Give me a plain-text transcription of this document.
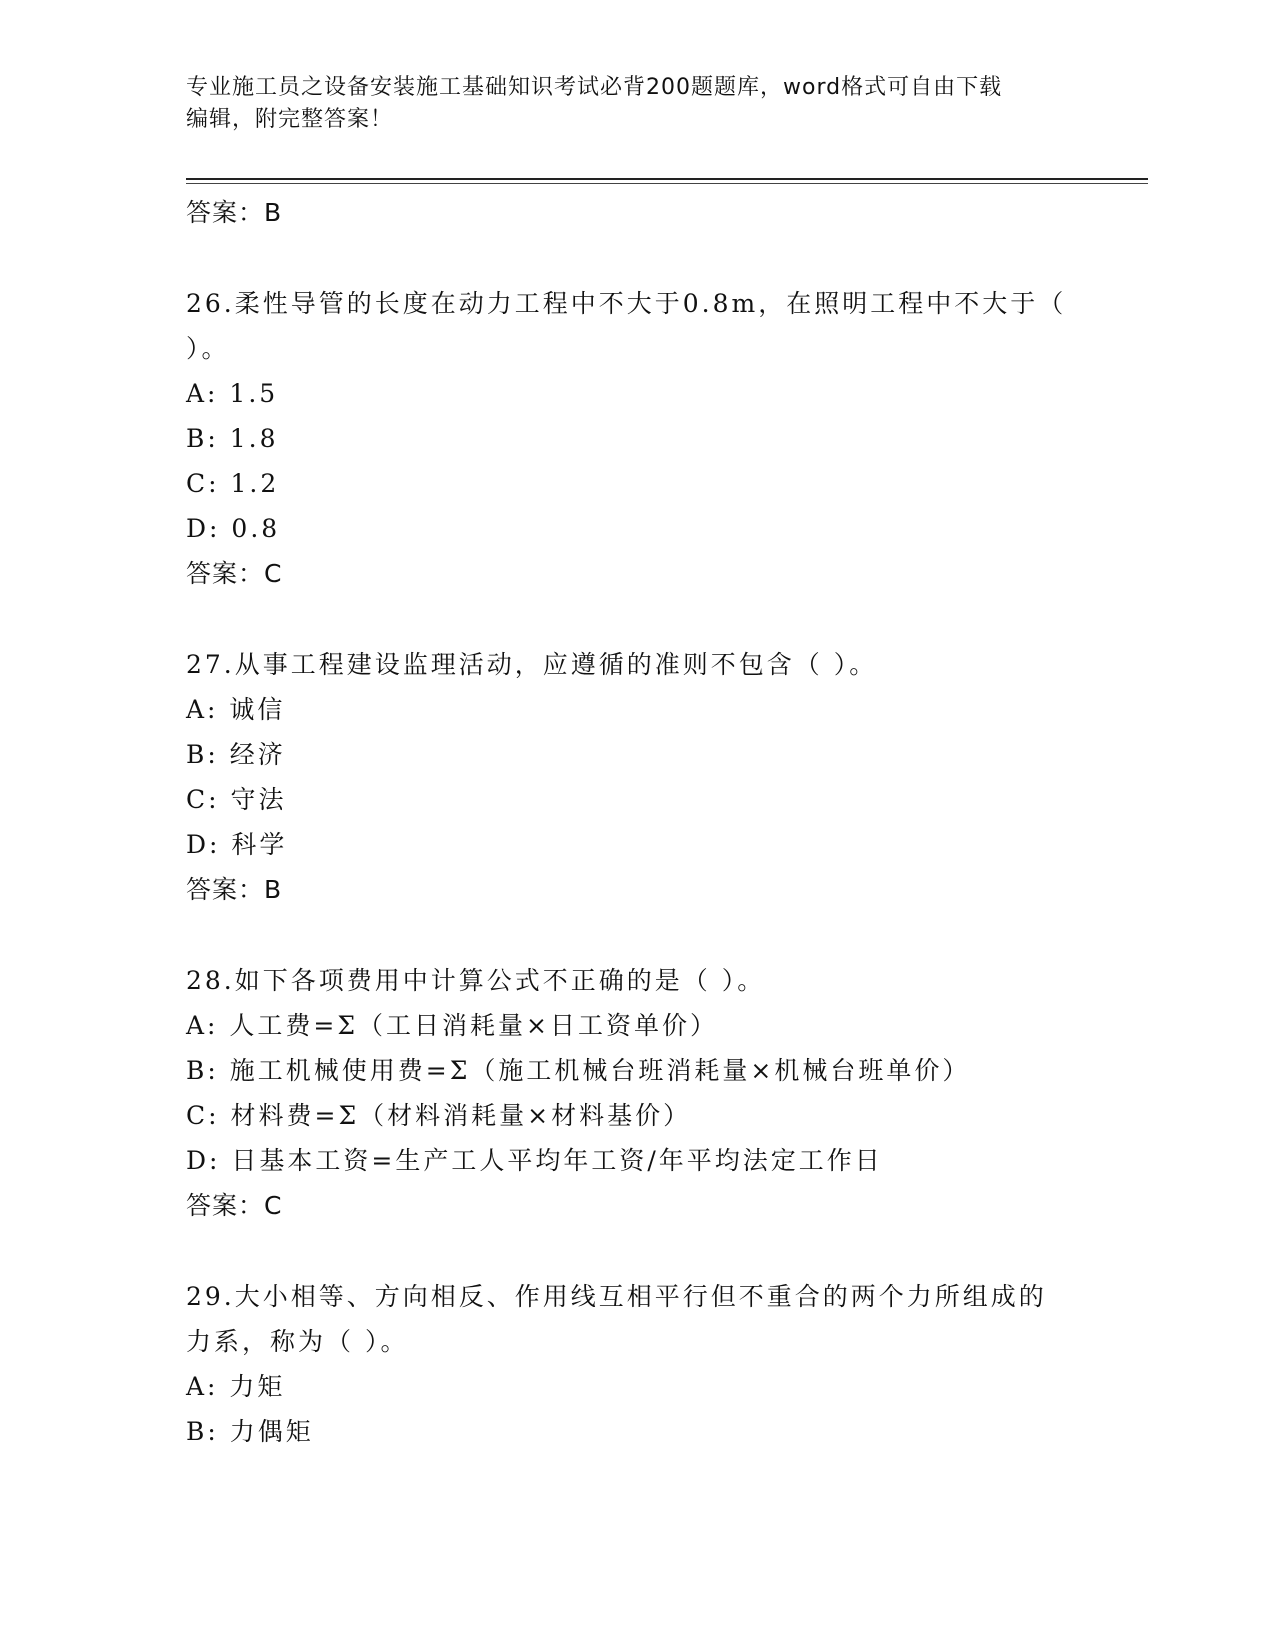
专业施工员之设备安装施工基础知识考试必背200题题库，word格式可自由下载
编辑，附完整答案！
答案：B
26.柔性导管的长度在动力工程中不大于0.8m，在照明工程中不大于（
）。
A: 1.5
B: 1.8
C: 1.2
D: 0.8
答案：C
27.从事工程建设监理活动，应遵循的准则不包含（ ）。
A: 诚信
B: 经济
C: 守法
D: 科学
答案：B
28.如下各项费用中计算公式不正确的是（ ）。
A: 人工费=Σ（工日消耗量×日工资单价）
B: 施工机械使用费=Σ（施工机械台班消耗量×机械台班单价）
C: 材料费=Σ（材料消耗量×材料基价）
D: 日基本工资=生产工人平均年工资/年平均法定工作日
答案：C
29.大小相等、方向相反、作用线互相平行但不重合的两个力所组成的
力系，称为（ ）。
A: 力矩
B: 力偶矩
